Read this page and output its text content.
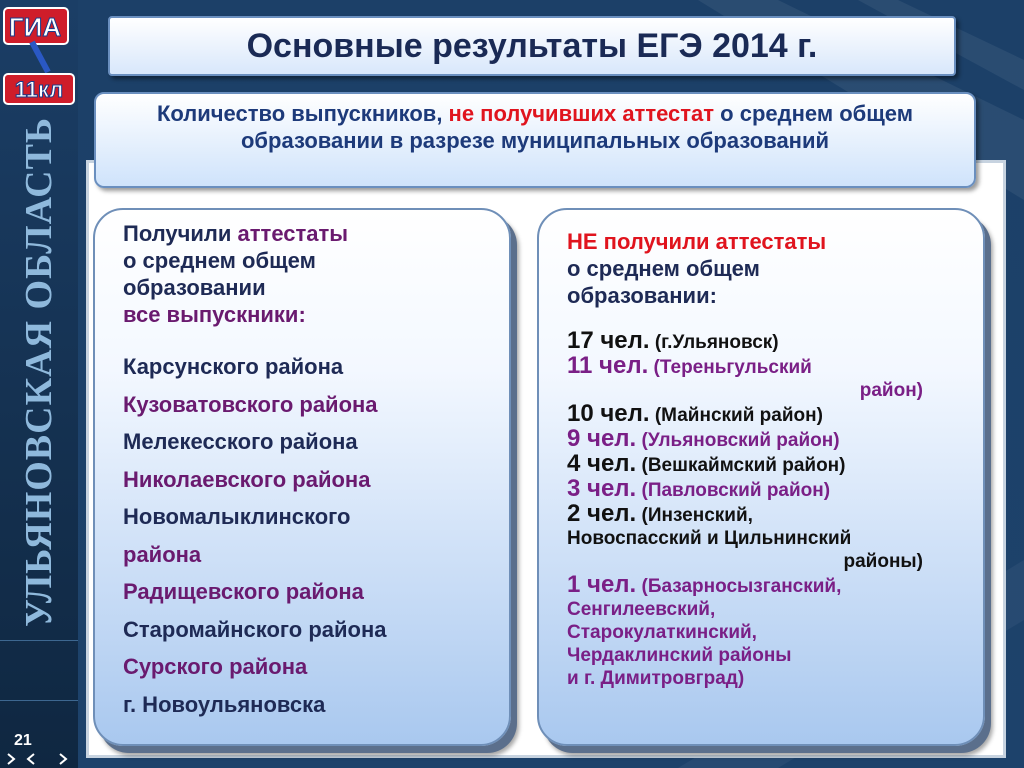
ГИА
11кл
УЛЬЯНОВСКАЯ ОБЛАСТЬ
21
Основные результаты ЕГЭ 2014 г.
Количество выпускников, не получивших аттестат о среднем общем образовании в разрезе муниципальных образований
Получили аттестаты
о среднем общем
образовании
все выпускники:
Карсунского района
Кузоватовского района
Мелекесского района
Николаевского района
Новомалыклинского
района
Радищевского района
Старомайнского района
Сурского района
г. Новоульяновска
НЕ получили аттестаты
о среднем общем
образовании:
17 чел. (г.Ульяновск)
11 чел. (Тереньгульский
район)
10 чел. (Майнский район)
9 чел. (Ульяновский район)
4 чел. (Вешкаймский район)
3 чел. (Павловский район)
2 чел. (Инзенский,
Новоспасский и Цильнинский
районы)
1 чел. (Базарносызганский,
Сенгилеевский,
Старокулаткинский,
Чердаклинский районы
и г. Димитровград)
